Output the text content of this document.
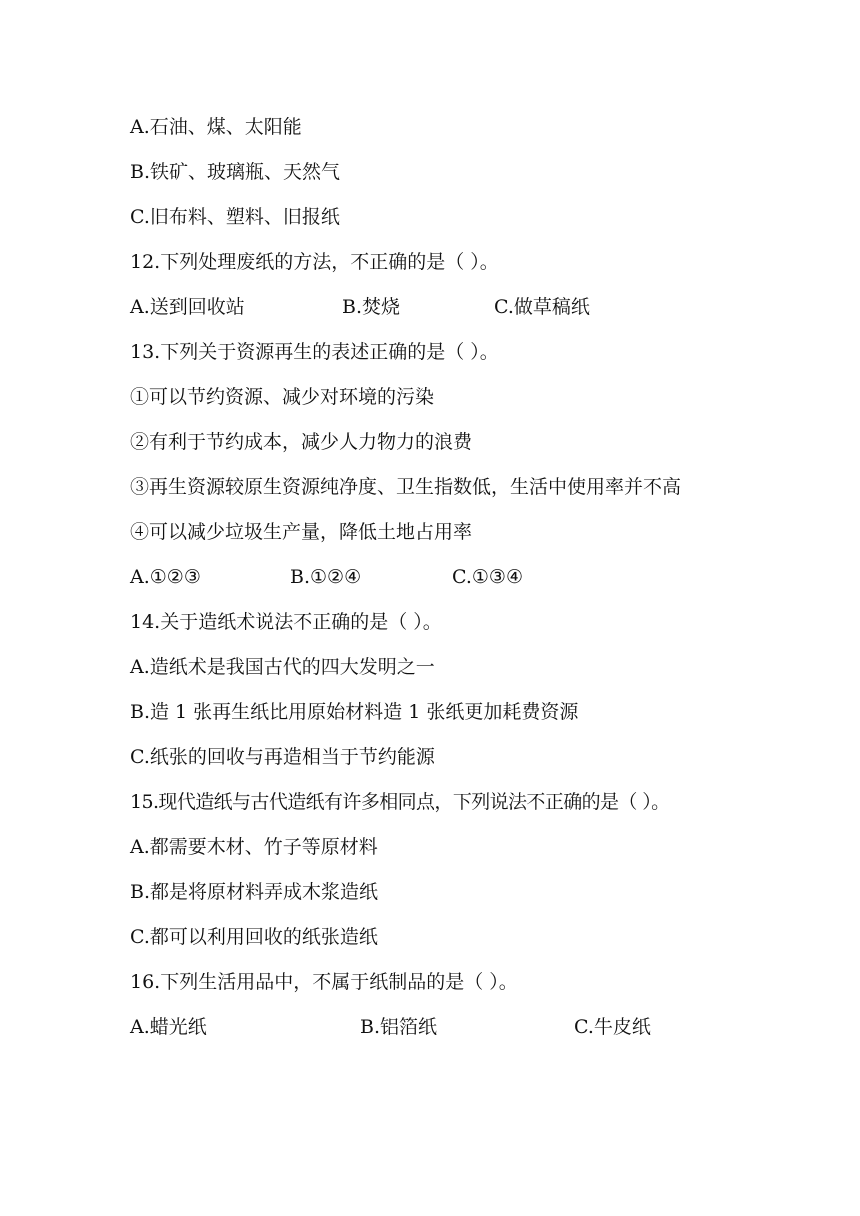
A.石油、煤、太阳能
B.铁矿、玻璃瓶、天然气
C.旧布料、塑料、旧报纸
12.下列处理废纸的方法，不正确的是（ ）。
A.送到回收站	B.焚烧	C.做草稿纸
13.下列关于资源再生的表述正确的是（ ）。
①可以节约资源、减少对环境的污染
②有利于节约成本，减少人力物力的浪费
③再生资源较原生资源纯净度、卫生指数低，生活中使用率并不高
④可以减少垃圾生产量，降低土地占用率
A.①②③	B.①②④	C.①③④
14.关于造纸术说法不正确的是（ ）。
A.造纸术是我国古代的四大发明之一
B.造 1 张再生纸比用原始材料造 1 张纸更加耗费资源
C.纸张的回收与再造相当于节约能源
15.现代造纸与古代造纸有许多相同点，下列说法不正确的是（ ）。
A.都需要木材、竹子等原材料
B.都是将原材料弄成木浆造纸
C.都可以利用回收的纸张造纸
16.下列生活用品中，不属于纸制品的是（ ）。
A.蜡光纸	B.铝箔纸	C.牛皮纸
